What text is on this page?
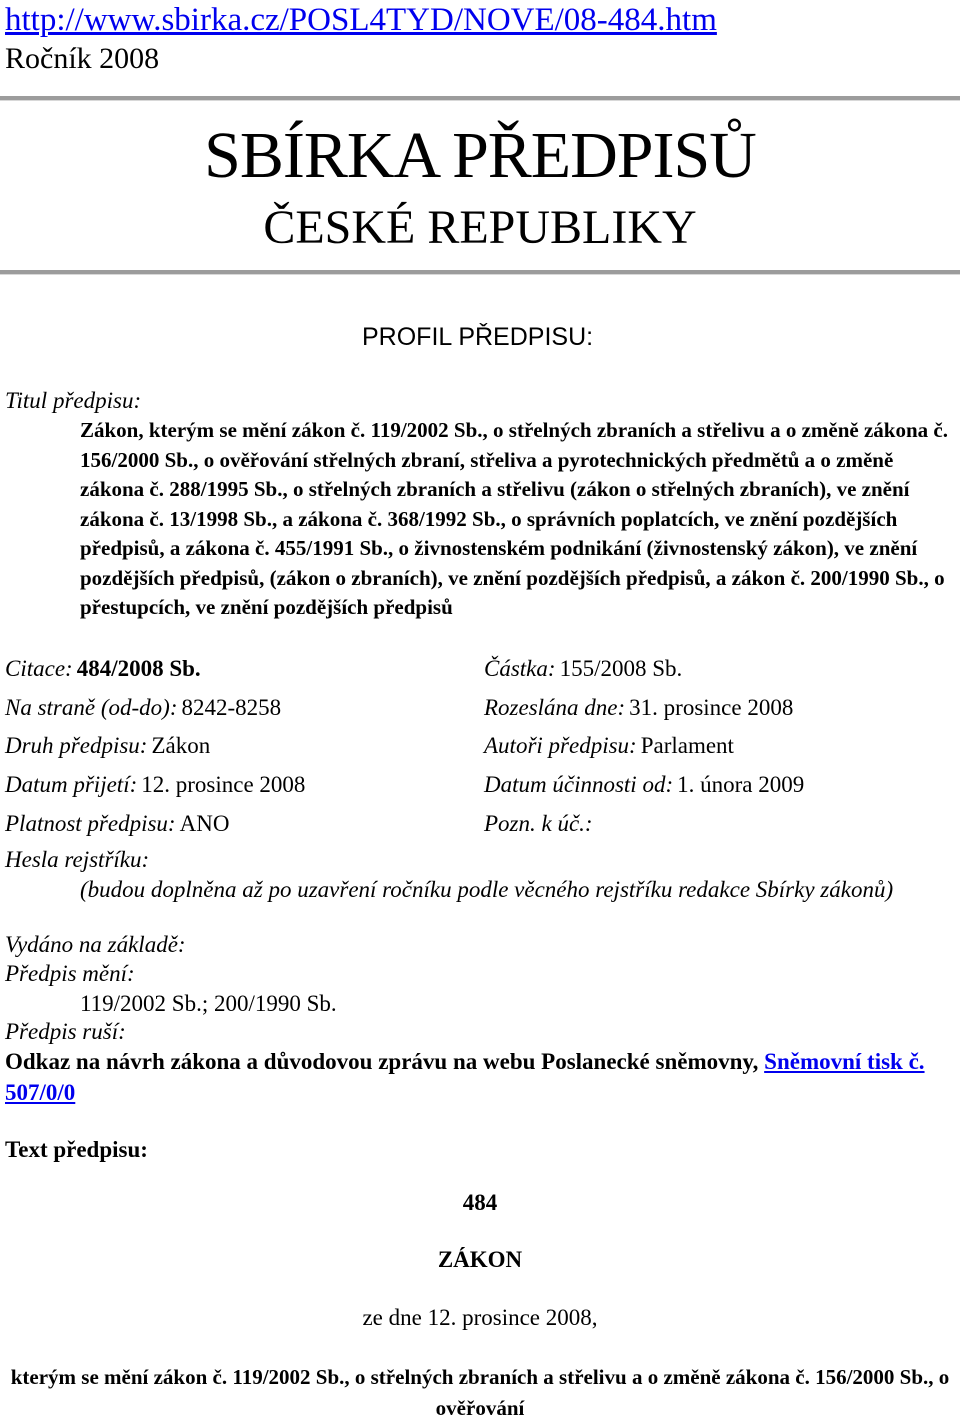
http://www.sbirka.cz/POSL4TYD/NOVE/08-484.htm
Ročník 2008
SBÍRKA PŘEDPISŮ
ČESKÉ REPUBLIKY
PROFIL PŘEDPISU:
Titul předpisu:
Zákon, kterým se mění zákon č. 119/2002 Sb., o střelných zbraních a střelivu a o změně zákona č. 156/2000 Sb., o ověřování střelných zbraní, střeliva a pyrotechnických předmětů a o změně zákona č. 288/1995 Sb., o střelných zbraních a střelivu (zákon o střelných zbraních), ve znění zákona č. 13/1998 Sb., a zákona č. 368/1992 Sb., o správních poplatcích, ve znění pozdějších předpisů, a zákona č. 455/1991 Sb., o živnostenském podnikání (živnostenský zákon), ve znění pozdějších předpisů, (zákon o zbraních), ve znění pozdějších předpisů, a zákon č. 200/1990 Sb., o přestupcích, ve znění pozdějších předpisů
Citace: 484/2008 Sb.	Částka: 155/2008 Sb.
Na straně (od-do): 8242-8258	Rozeslána dne: 31. prosince 2008
Druh předpisu: Zákon	Autoři předpisu: Parlament
Datum přijetí: 12. prosince 2008	Datum účinnosti od: 1. února 2009
Platnost předpisu: ANO	Pozn. k úč.:
Hesla rejstříku:
(budou doplněna až po uzavření ročníku podle věcného rejstříku redakce Sbírky zákonů)
Vydáno na základě:
Předpis mění:
119/2002 Sb.; 200/1990 Sb.
Předpis ruší:
Odkaz na návrh zákona a důvodovou zprávu na webu Poslanecké sněmovny, Sněmovní tisk č. 507/0/0
Text předpisu:
484
ZÁKON
ze dne 12. prosince 2008,
kterým se mění zákon č. 119/2002 Sb., o střelných zbraních a střelivu a o změně zákona č. 156/2000 Sb., o ověřování
